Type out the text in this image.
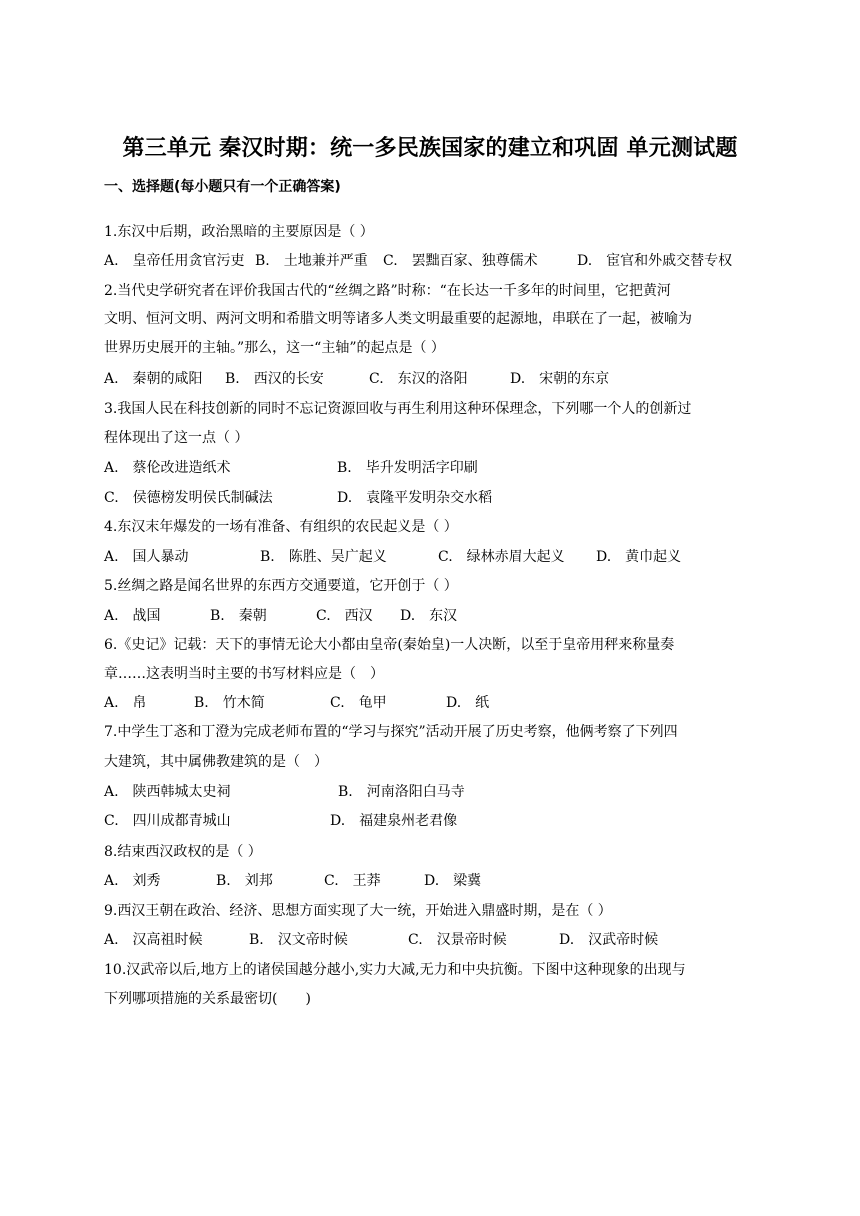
第三单元 秦汉时期：统一多民族国家的建立和巩固 单元测试题
一、选择题(每小题只有一个正确答案)
1.东汉中后期，政治黑暗的主要原因是（ ）
A.　皇帝任用贪官污吏 B.　土地兼并严重 C.　罢黜百家、独尊儒术	D.　宦官和外戚交替专权
2.当代史学研究者在评价我国古代的“丝绸之路”时称：“在长达一千多年的时间里，它把黄河
文明、恒河文明、两河文明和希腊文明等诸多人类文明最重要的起源地，串联在了一起，被喻为
世界历史展开的主轴。”那么，这一“主轴”的起点是（ ）
A.　秦朝的咸阳 B.　西汉的长安	C.　东汉的洛阳	D.　宋朝的东京
3.我国人民在科技创新的同时不忘记资源回收与再生利用这种环保理念，下列哪一个人的创新过
程体现出了这一点（ ）
A.　蔡伦改进造纸术	B.　毕升发明活字印刷
C.　侯德榜发明侯氏制碱法	D.　袁隆平发明杂交水稻
4.东汉末年爆发的一场有准备、有组织的农民起义是（ ）
A.　国人暴动	B.　陈胜、吴广起义	C.　绿林赤眉大起义 D.　黄巾起义
5.丝绸之路是闻名世界的东西方交通要道，它开创于（ ）
A.　战国	B.　秦朝	C.　西汉 D.　东汉
6.《史记》记载：天下的事情无论大小都由皇帝(秦始皇)一人决断，以至于皇帝用秤来称量奏
章……这表明当时主要的书写材料应是（　）
A.　帛	B.　竹木简	C.　龟甲	D.　纸
7.中学生丁忞和丁澄为完成老师布置的“学习与探究”活动开展了历史考察，他俩考察了下列四
大建筑，其中属佛教建筑的是（　）
A.　陕西韩城太史祠	B.　河南洛阳白马寺
C.　四川成都青城山	D.　福建泉州老君像
8.结束西汉政权的是（ ）
A.　刘秀	B.　刘邦	C.　王莽	D.　梁冀
9.西汉王朝在政治、经济、思想方面实现了大一统，开始进入鼎盛时期，是在（ ）
A.　汉高祖时候	B.　汉文帝时候	C.　汉景帝时候	D.　汉武帝时候
10.汉武帝以后,地方上的诸侯国越分越小,实力大减,无力和中央抗衡。下图中这种现象的出现与
下列哪项措施的关系最密切(　　)
